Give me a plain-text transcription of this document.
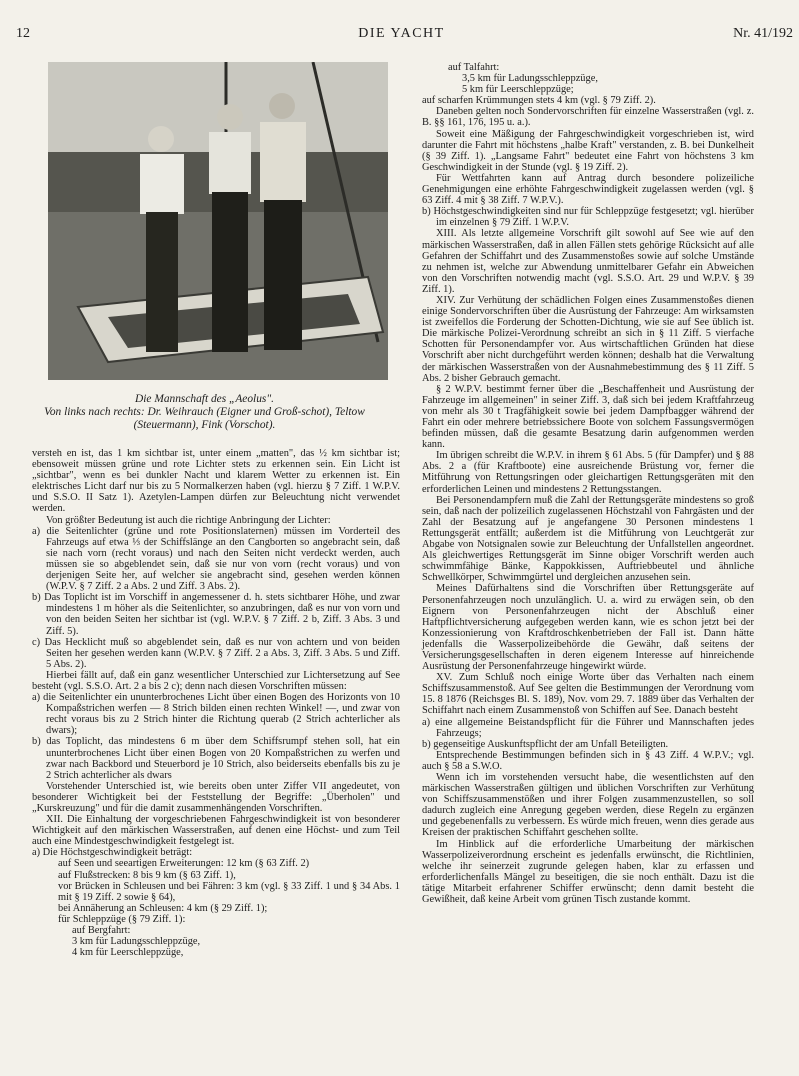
12	DIE YACHT	Nr. 41/192
Die Mannschaft des „Aeolus".
Von links nach rechts: Dr. Weihrauch (Eigner und Groß-schot), Teltow (Steuermann), Fink (Vorschot).

versteh en ist, das 1 km sichtbar ist, unter einem „matten", das ½ km sichtbar ist; ebensoweit müssen grüne und rote Lichter stets zu erkennen sein. Ein Licht ist „sichtbar", wenn es bei dunkler Nacht und klarem Wetter zu erkennen ist. Ein elektrisches Licht darf nur bis zu 5 Normalkerzen haben (vgl. hierzu § 7 Ziff. 1 W.P.V. und S.S.O. II Satz 1). Azetylen-Lampen dürfen zur Beleuchtung nicht verwendet werden.

Von größter Bedeutung ist auch die richtige Anbringung der Lichter:

a) die Seitenlichter (grüne und rote Positionslaternen) müssen im Vorderteil des Fahrzeugs auf etwa ⅓ der Schiffslänge an den Cangborten so angebracht sein, daß sie nach vorn (recht voraus) und nach den Seiten nicht verdeckt werden, auch müssen sie so abgeblendet sein, daß sie nur von vorn (recht voraus) und von derjenigen Seite her, auf welcher sie angebracht sind, gesehen werden können (W.P.V. § 7 Ziff. 2 a Abs. 2 und Ziff. 3 Abs. 2).

b) Das Toplicht ist im Vorschiff in angemessener d. h. stets sichtbarer Höhe, und zwar mindestens 1 m höher als die Seitenlichter, so anzubringen, daß es nur von vorn und von den beiden Seiten her sichtbar ist (vgl. W.P.V. § 7 Ziff. 2 b, Ziff. 3 Abs. 3 und Ziff. 5).

c) Das Hecklicht muß so abgeblendet sein, daß es nur von achtern und von beiden Seiten her gesehen werden kann (W.P.V. § 7 Ziff. 2 a Abs. 3, Ziff. 3 Abs. 5 und Ziff. 5 Abs. 2).

Hierbei fällt auf, daß ein ganz wesentlicher Unterschied zur Lichtersetzung auf See besteht (vgl. S.S.O. Art. 2 a bis 2 c); denn nach diesen Vorschriften müssen:

a) die Seitenlichter ein ununterbrochenes Licht über einen Bogen des Horizonts von 10 Kompaßstrichen werfen — 8 Strich bilden einen rechten Winkel! —, und zwar von recht voraus bis zu 2 Strich hinter die Richtung querab (2 Strich achterlicher als dwars);

b) das Toplicht, das mindestens 6 m über dem Schiffsrumpf stehen soll, hat ein ununterbrochenes Licht über einen Bogen von 20 Kompaßstrichen zu werfen und zwar nach Backbord und Steuerbord je 10 Strich, also beiderseits ebenfalls bis zu je 2 Strich achterlicher als dwars

Vorstehender Unterschied ist, wie bereits oben unter Ziffer VII angedeutet, von besonderer Wichtigkeit bei der Feststellung der Begriffe: „Überholen" und „Kurskreuzung" und für die damit zusammenhängenden Vorschriften.

XII. Die Einhaltung der vorgeschriebenen Fahrgeschwindigkeit ist von besonderer Wichtigkeit auf den märkischen Wasserstraßen, auf denen eine Höchst- und zum Teil auch eine Mindestgeschwindigkeit festgelegt ist.

a) Die Höchstgeschwindigkeit beträgt:

auf Seen und seeartigen Erweiterungen: 12 km (§ 63 Ziff. 2)

auf Flußstrecken: 8 bis 9 km (§ 63 Ziff. 1),

vor Brücken in Schleusen und bei Fähren: 3 km (vgl. § 33 Ziff. 1 und § 34 Abs. 1 mit § 19 Ziff. 2 sowie § 64),

bei Annäherung an Schleusen: 4 km (§ 29 Ziff. 1);

für Schleppzüge (§ 79 Ziff. 1):

auf Bergfahrt:

3 km für Ladungsschleppzüge,

4 km für Leerschleppzüge,

auf Talfahrt:

3,5 km für Ladungsschleppzüge,

5 km für Leerschleppzüge;

auf scharfen Krümmungen stets 4 km (vgl. § 79 Ziff. 2).

Daneben gelten noch Sondervorschriften für einzelne Wasserstraßen (vgl. z. B. §§ 161, 176, 195 u. a.).

Soweit eine Mäßigung der Fahrgeschwindigkeit vorgeschrieben ist, wird darunter die Fahrt mit höchstens „halbe Kraft" verstanden, z. B. bei Dunkelheit (§ 39 Ziff. 1). „Langsame Fahrt" bedeutet eine Fahrt von höchstens 3 km Geschwindigkeit in der Stunde (vgl. § 19 Ziff. 2).

Für Wettfahrten kann auf Antrag durch besondere polizeiliche Genehmigungen eine erhöhte Fahrgeschwindigkeit zugelassen werden (vgl. § 63 Ziff. 4 mit § 38 Ziff. 7 W.P.V.).

b) Höchstgeschwindigkeiten sind nur für Schleppzüge festgesetzt; vgl. hierüber im einzelnen § 79 Ziff. 1 W.P.V.

XIII. Als letzte allgemeine Vorschrift gilt sowohl auf See wie auf den märkischen Wasserstraßen, daß in allen Fällen stets gehörige Rücksicht auf alle Gefahren der Schiffahrt und des Zusammenstoßes sowie auf solche Umstände zu nehmen ist, welche zur Abwendung unmittelbarer Gefahr ein Abweichen von den Vorschriften notwendig macht (vgl. S.S.O. Art. 29 und W.P.V. § 39 Ziff. 1).

XIV. Zur Verhütung der schädlichen Folgen eines Zusammenstoßes dienen einige Sondervorschriften über die Ausrüstung der Fahrzeuge: Am wirksamsten ist zweifellos die Forderung der Schotten-Dichtung, wie sie auf See üblich ist. Die märkische Polizei-Verordnung schreibt an sich in § 11 Ziff. 5 vierfache Schotten für Personendampfer vor. Aus wirtschaftlichen Gründen hat diese Vorschrift aber nicht durchgeführt werden können; deshalb hat die Verwaltung der märkischen Wasserstraßen von der Ausnahmebestimmung des § 11 Ziff. 5 Abs. 2 bisher Gebrauch gemacht.

§ 2 W.P.V. bestimmt ferner über die „Beschaffenheit und Ausrüstung der Fahrzeuge im allgemeinen" in seiner Ziff. 3, daß sich bei jedem Kraftfahrzeug von mehr als 30 t Tragfähigkeit sowie bei jedem Dampfbagger während der Fahrt ein oder mehrere betriebssichere Boote von solchem Fassungsvermögen befinden müssen, daß die gesamte Besatzung darin aufgenommen werden kann.

Im übrigen schreibt die W.P.V. in ihrem § 61 Abs. 5 (für Dampfer) und § 88 Abs. 2 a (für Kraftboote) eine ausreichende Brüstung vor, ferner die Mitführung von Rettungsringen oder gleichartigen Rettungsgeräten mit den erforderlichen Leinen und mindestens 2 Rettungsstangen.

Bei Personendampfern muß die Zahl der Rettungsgeräte mindestens so groß sein, daß nach der polizeilich zugelassenen Höchstzahl von Fahrgästen und der Zahl der Besatzung auf je angefangene 30 Personen mindestens 1 Rettungsgerät entfällt; außerdem ist die Mitführung von Leuchtgerät zur Abgabe von Notsignalen sowie zur Beleuchtung der Unfallstellen angeordnet. Als gleichwertiges Rettungsgerät im Sinne obiger Vorschrift werden auch schwimmfähige Bänke, Kappokkissen, Auftriebbeutel und ähnliche Schwellkörper, Schwimmgürtel und dergleichen anzusehen sein.

Meines Dafürhaltens sind die Vorschriften über Rettungsgeräte auf Personenfahrzeugen noch unzulänglich. U. a. wird zu erwägen sein, ob den Eignern von Personenfahrzeugen nicht der Abschluß einer Haftpflichtversicherung aufgegeben werden kann, wie es schon jetzt bei der Konzessionierung von Kraftdroschkenbetrieben der Fall ist. Dann hätte jedenfalls die Wasserpolizeibehörde die Gewähr, daß seitens der Versicherungsgesellschaften in deren eigenem Interesse auf hinreichende Ausrüstung der Personenfahrzeuge hingewirkt würde.

XV. Zum Schluß noch einige Worte über das Verhalten nach einem Schiffszusammenstoß. Auf See gelten die Bestimmungen der Verordnung vom 15. 8 1876 (Reichsges Bl. S. 189), Nov. vom 29. 7. 1889 über das Verhalten der Schiffahrt nach einem Zusammenstoß von Schiffen auf See. Danach besteht

a) eine allgemeine Beistandspflicht für die Führer und Mannschaften jedes Fahrzeugs;

b) gegenseitige Auskunftspflicht der am Unfall Beteiligten.

Entsprechende Bestimmungen befinden sich in § 43 Ziff. 4 W.P.V.; vgl. auch § 58 a S.W.O.

Wenn ich im vorstehenden versucht habe, die wesentlichsten auf den märkischen Wasserstraßen gültigen und üblichen Vorschriften zur Verhütung von Schiffszusammenstößen und ihrer Folgen zusammenzustellen, so soll dadurch zugleich eine Anregung gegeben werden, diese Regeln zu ergänzen und gegebenenfalls zu verbessern. Es würde mich freuen, wenn dies gerade aus Kreisen der praktischen Schiffahrt geschehen sollte.

Im Hinblick auf die erforderliche Umarbeitung der märkischen Wasserpolizeiverordnung erscheint es jedenfalls erwünscht, die Richtlinien, welche ihr seinerzeit zugrunde gelegen haben, klar zu erfassen und erforderlichenfalls Mängel zu beseitigen, die sie noch enthält. Dazu ist die tätige Mitarbeit erfahrener Schiffer erwünscht; denn damit besteht die Gewißheit, daß keine Arbeit vom grünen Tisch zustande kommt.
